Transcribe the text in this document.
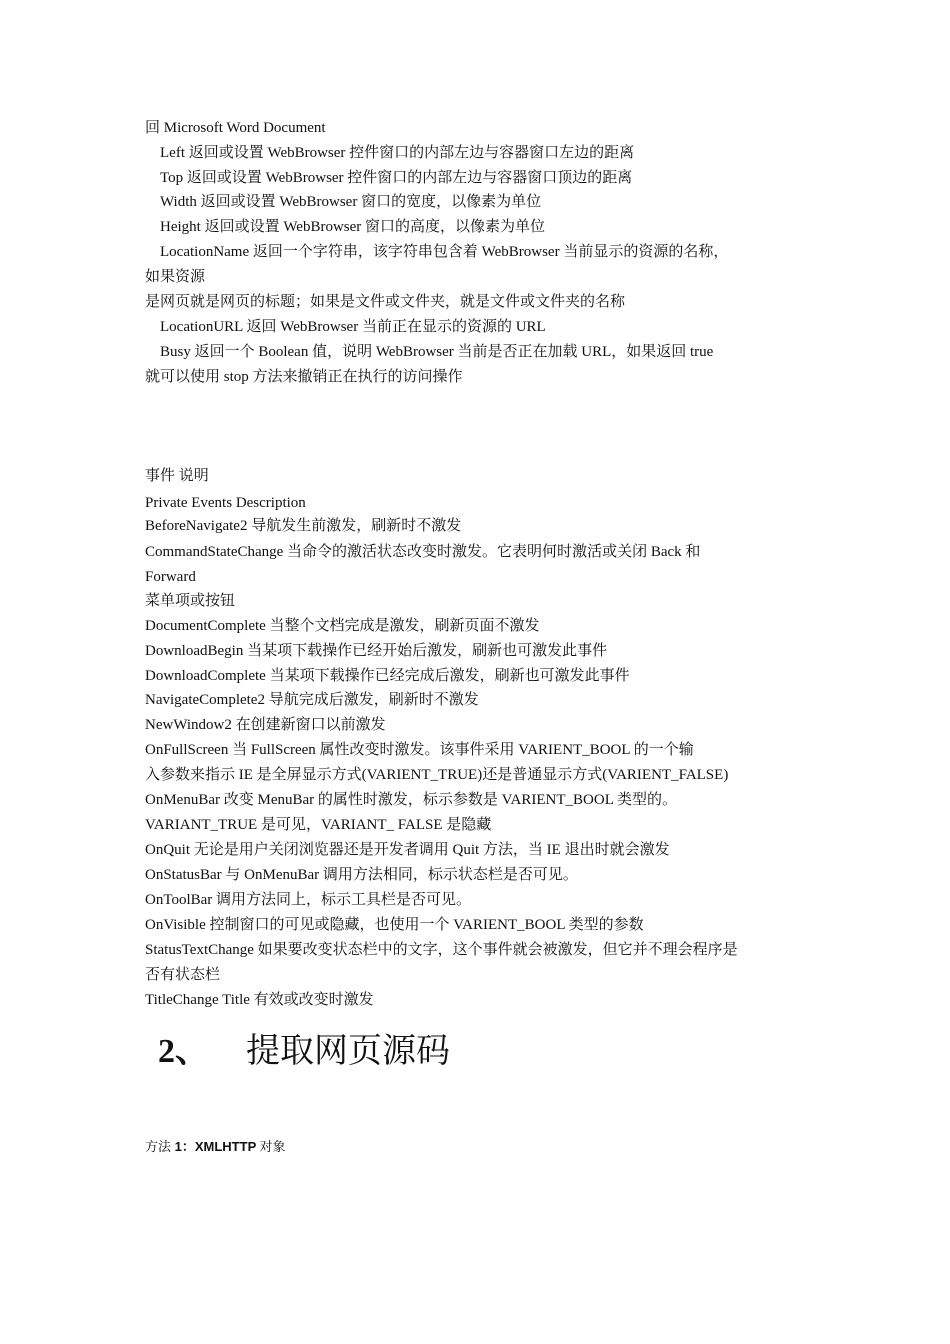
回 Microsoft Word Document
Left 返回或设置 WebBrowser 控件窗口的内部左边与容器窗口左边的距离
Top 返回或设置 WebBrowser 控件窗口的内部左边与容器窗口顶边的距离
Width 返回或设置 WebBrowser 窗口的宽度，以像素为单位
Height 返回或设置 WebBrowser 窗口的高度，以像素为单位
LocationName 返回一个字符串，该字符串包含着 WebBrowser 当前显示的资源的名称，
如果资源
是网页就是网页的标题；如果是文件或文件夹，就是文件或文件夹的名称
LocationURL 返回 WebBrowser 当前正在显示的资源的 URL
Busy 返回一个 Boolean 值，说明 WebBrowser 当前是否正在加载 URL，如果返回 true
就可以使用 stop 方法来撤销正在执行的访问操作
事件 说明
Private Events Description
BeforeNavigate2 导航发生前激发，刷新时不激发
CommandStateChange 当命令的激活状态改变时激发。它表明何时激活或关闭 Back 和
Forward
菜单项或按钮
DocumentComplete 当整个文档完成是激发，刷新页面不激发
DownloadBegin 当某项下载操作已经开始后激发，刷新也可激发此事件
DownloadComplete 当某项下载操作已经完成后激发，刷新也可激发此事件
NavigateComplete2 导航完成后激发，刷新时不激发
NewWindow2 在创建新窗口以前激发
OnFullScreen 当 FullScreen 属性改变时激发。该事件采用 VARIENT_BOOL 的一个输
入参数来指示 IE 是全屏显示方式(VARIENT_TRUE)还是普通显示方式(VARIENT_FALSE)
OnMenuBar 改变 MenuBar 的属性时激发，标示参数是 VARIENT_BOOL 类型的。
VARIANT_TRUE 是可见，VARIANT_ FALSE 是隐藏
OnQuit 无论是用户关闭浏览器还是开发者调用 Quit 方法，当 IE 退出时就会激发
OnStatusBar 与 OnMenuBar 调用方法相同，标示状态栏是否可见。
OnToolBar 调用方法同上，标示工具栏是否可见。
OnVisible 控制窗口的可见或隐藏，也使用一个 VARIENT_BOOL 类型的参数
StatusTextChange 如果要改变状态栏中的文字，这个事件就会被激发，但它并不理会程序是
否有状态栏
TitleChange Title 有效或改变时激发
2、 提取网页源码
方法 1：XMLHTTP 对象
